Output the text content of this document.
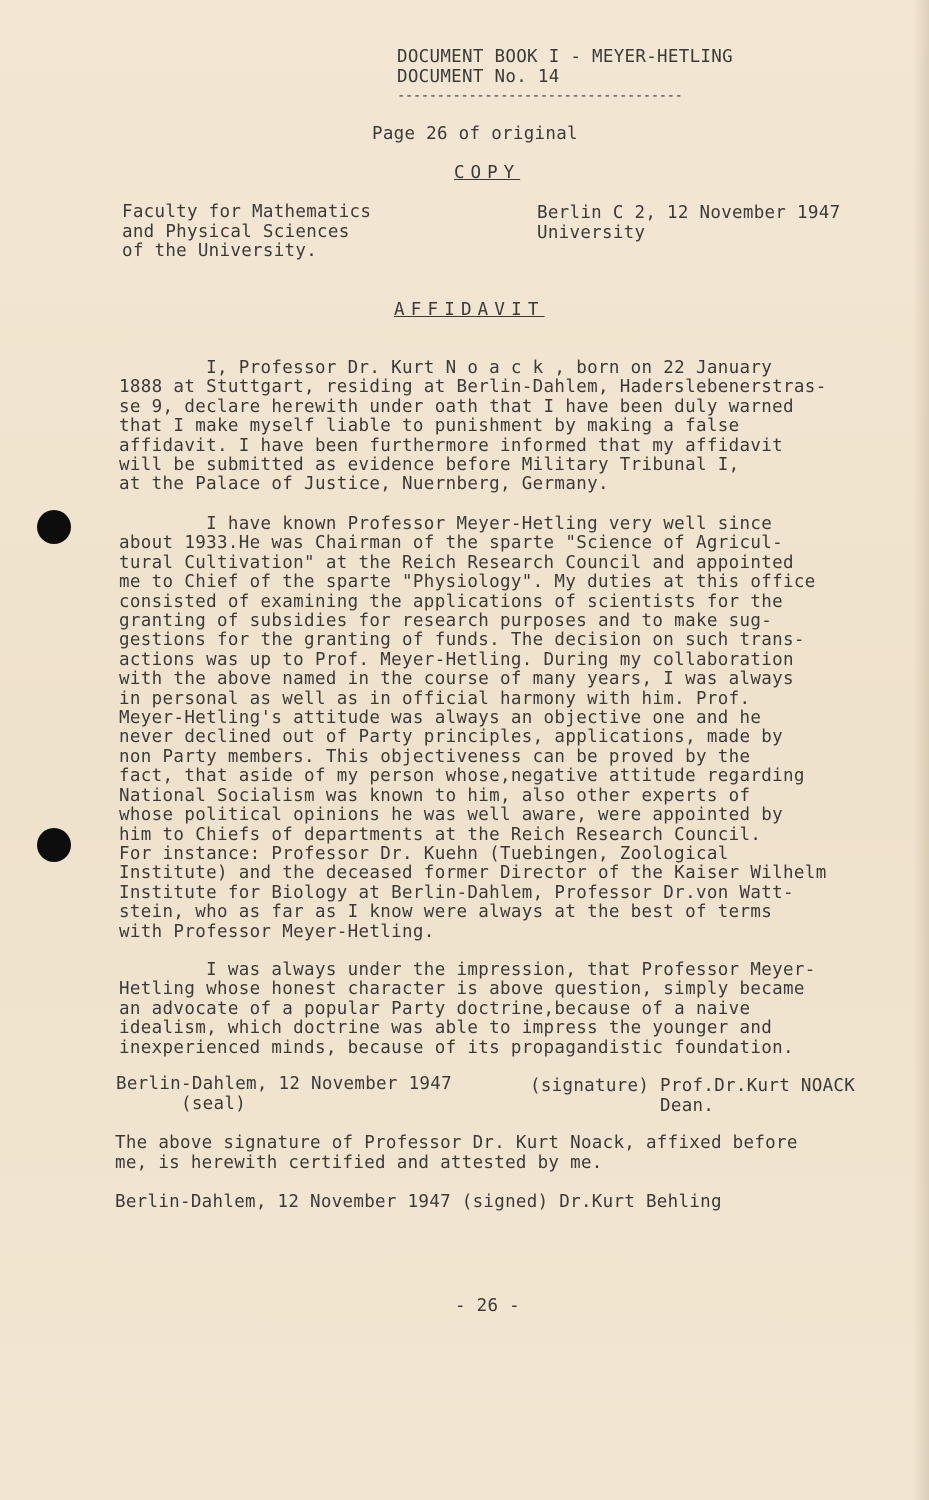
DOCUMENT BOOK I - MEYER-HETLING
DOCUMENT No. 14
------------------------------------
Page 26 of original
COPY
Faculty for Mathematics
and Physical Sciences
of the University.
Berlin C 2, 12 November 1947
University
AFFIDAVIT
I, Professor Dr. Kurt N o a c k , born on 22 January
1888 at Stuttgart, residing at Berlin-Dahlem, Haderslebenerstras-
se 9, declare herewith under oath that I have been duly warned
that I make myself liable to punishment by making a false
affidavit. I have been furthermore informed that my affidavit
will be submitted as evidence before Military Tribunal I,
at the Palace of Justice, Nuernberg, Germany.
I have known Professor Meyer-Hetling very well since
about 1933.He was Chairman of the sparte "Science of Agricul-
tural Cultivation" at the Reich Research Council and appointed
me to Chief of the sparte "Physiology". My duties at this office
consisted of examining the applications of scientists for the
granting of subsidies for research purposes and to make sug-
gestions for the granting of funds. The decision on such trans-
actions was up to Prof. Meyer-Hetling. During my collaboration
with the above named in the course of many years, I was always
in personal as well as in official harmony with him. Prof.
Meyer-Hetling's attitude was always an objective one and he
never declined out of Party principles, applications, made by
non Party members. This objectiveness can be proved by the
fact, that aside of my person whose,negative attitude regarding
National Socialism was known to him, also other experts of
whose political opinions he was well aware, were appointed by
him to Chiefs of departments at the Reich Research Council.
For instance: Professor Dr. Kuehn (Tuebingen, Zoological
Institute) and the deceased former Director of the Kaiser Wilhelm
Institute for Biology at Berlin-Dahlem, Professor Dr.von Watt-
stein, who as far as I know were always at the best of terms
with Professor Meyer-Hetling.
I was always under the impression, that Professor Meyer-
Hetling whose honest character is above question, simply became
an advocate of a popular Party doctrine,because of a naive
idealism, which doctrine was able to impress the younger and
inexperienced minds, because of its propagandistic foundation.
Berlin-Dahlem, 12 November 1947
(seal)
(signature) Prof.Dr.Kurt NOACK
Dean.
The above signature of Professor Dr. Kurt Noack, affixed before
me, is herewith certified and attested by me.
Berlin-Dahlem, 12 November 1947 (signed) Dr.Kurt Behling
- 26 -
